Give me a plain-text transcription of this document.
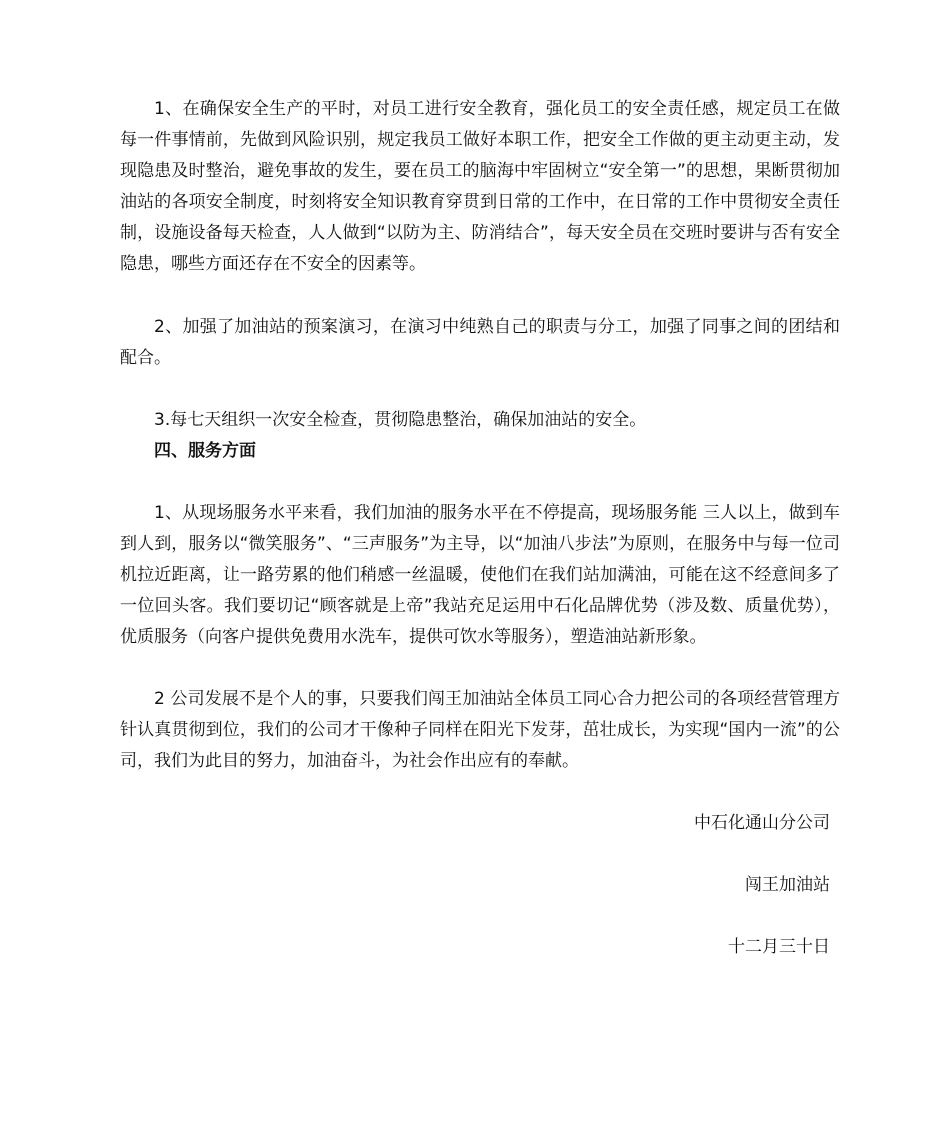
1、在确保安全生产的平时，对员工进行安全教育，强化员工的安全责任感，规定员工在做每一件事情前，先做到风险识别，规定我员工做好本职工作，把安全工作做的更主动更主动，发现隐患及时整治，避免事故的发生，要在员工的脑海中牢固树立“安全第一”的思想，果断贯彻加油站的各项安全制度，时刻将安全知识教育穿贯到日常的工作中，在日常的工作中贯彻安全责任制，设施设备每天检查，人人做到“以防为主、防消结合”，每天安全员在交班时要讲与否有安全隐患，哪些方面还存在不安全的因素等。

2、加强了加油站的预案演习，在演习中纯熟自己的职责与分工，加强了同事之间的团结和配合。

3.每七天组织一次安全检查，贯彻隐患整治，确保加油站的安全。

四、服务方面

1、从现场服务水平来看，我们加油的服务水平在不停提高，现场服务能 三人以上，做到车到人到，服务以“微笑服务”、“三声服务”为主导，以“加油八步法”为原则，在服务中与每一位司机拉近距离，让一路劳累的他们稍感一丝温暖，使他们在我们站加满油，可能在这不经意间多了一位回头客。我们要切记“顾客就是上帝”我站充足运用中石化品牌优势（涉及数、质量优势），优质服务（向客户提供免费用水洗车，提供可饮水等服务），塑造油站新形象。

2 公司发展不是个人的事，只要我们闯王加油站全体员工同心合力把公司的各项经营管理方针认真贯彻到位，我们的公司才干像种子同样在阳光下发芽，茁壮成长，为实现“国内一流”的公司，我们为此目的努力，加油奋斗，为社会作出应有的奉献。

中石化通山分公司

闯王加油站

十二月三十日
